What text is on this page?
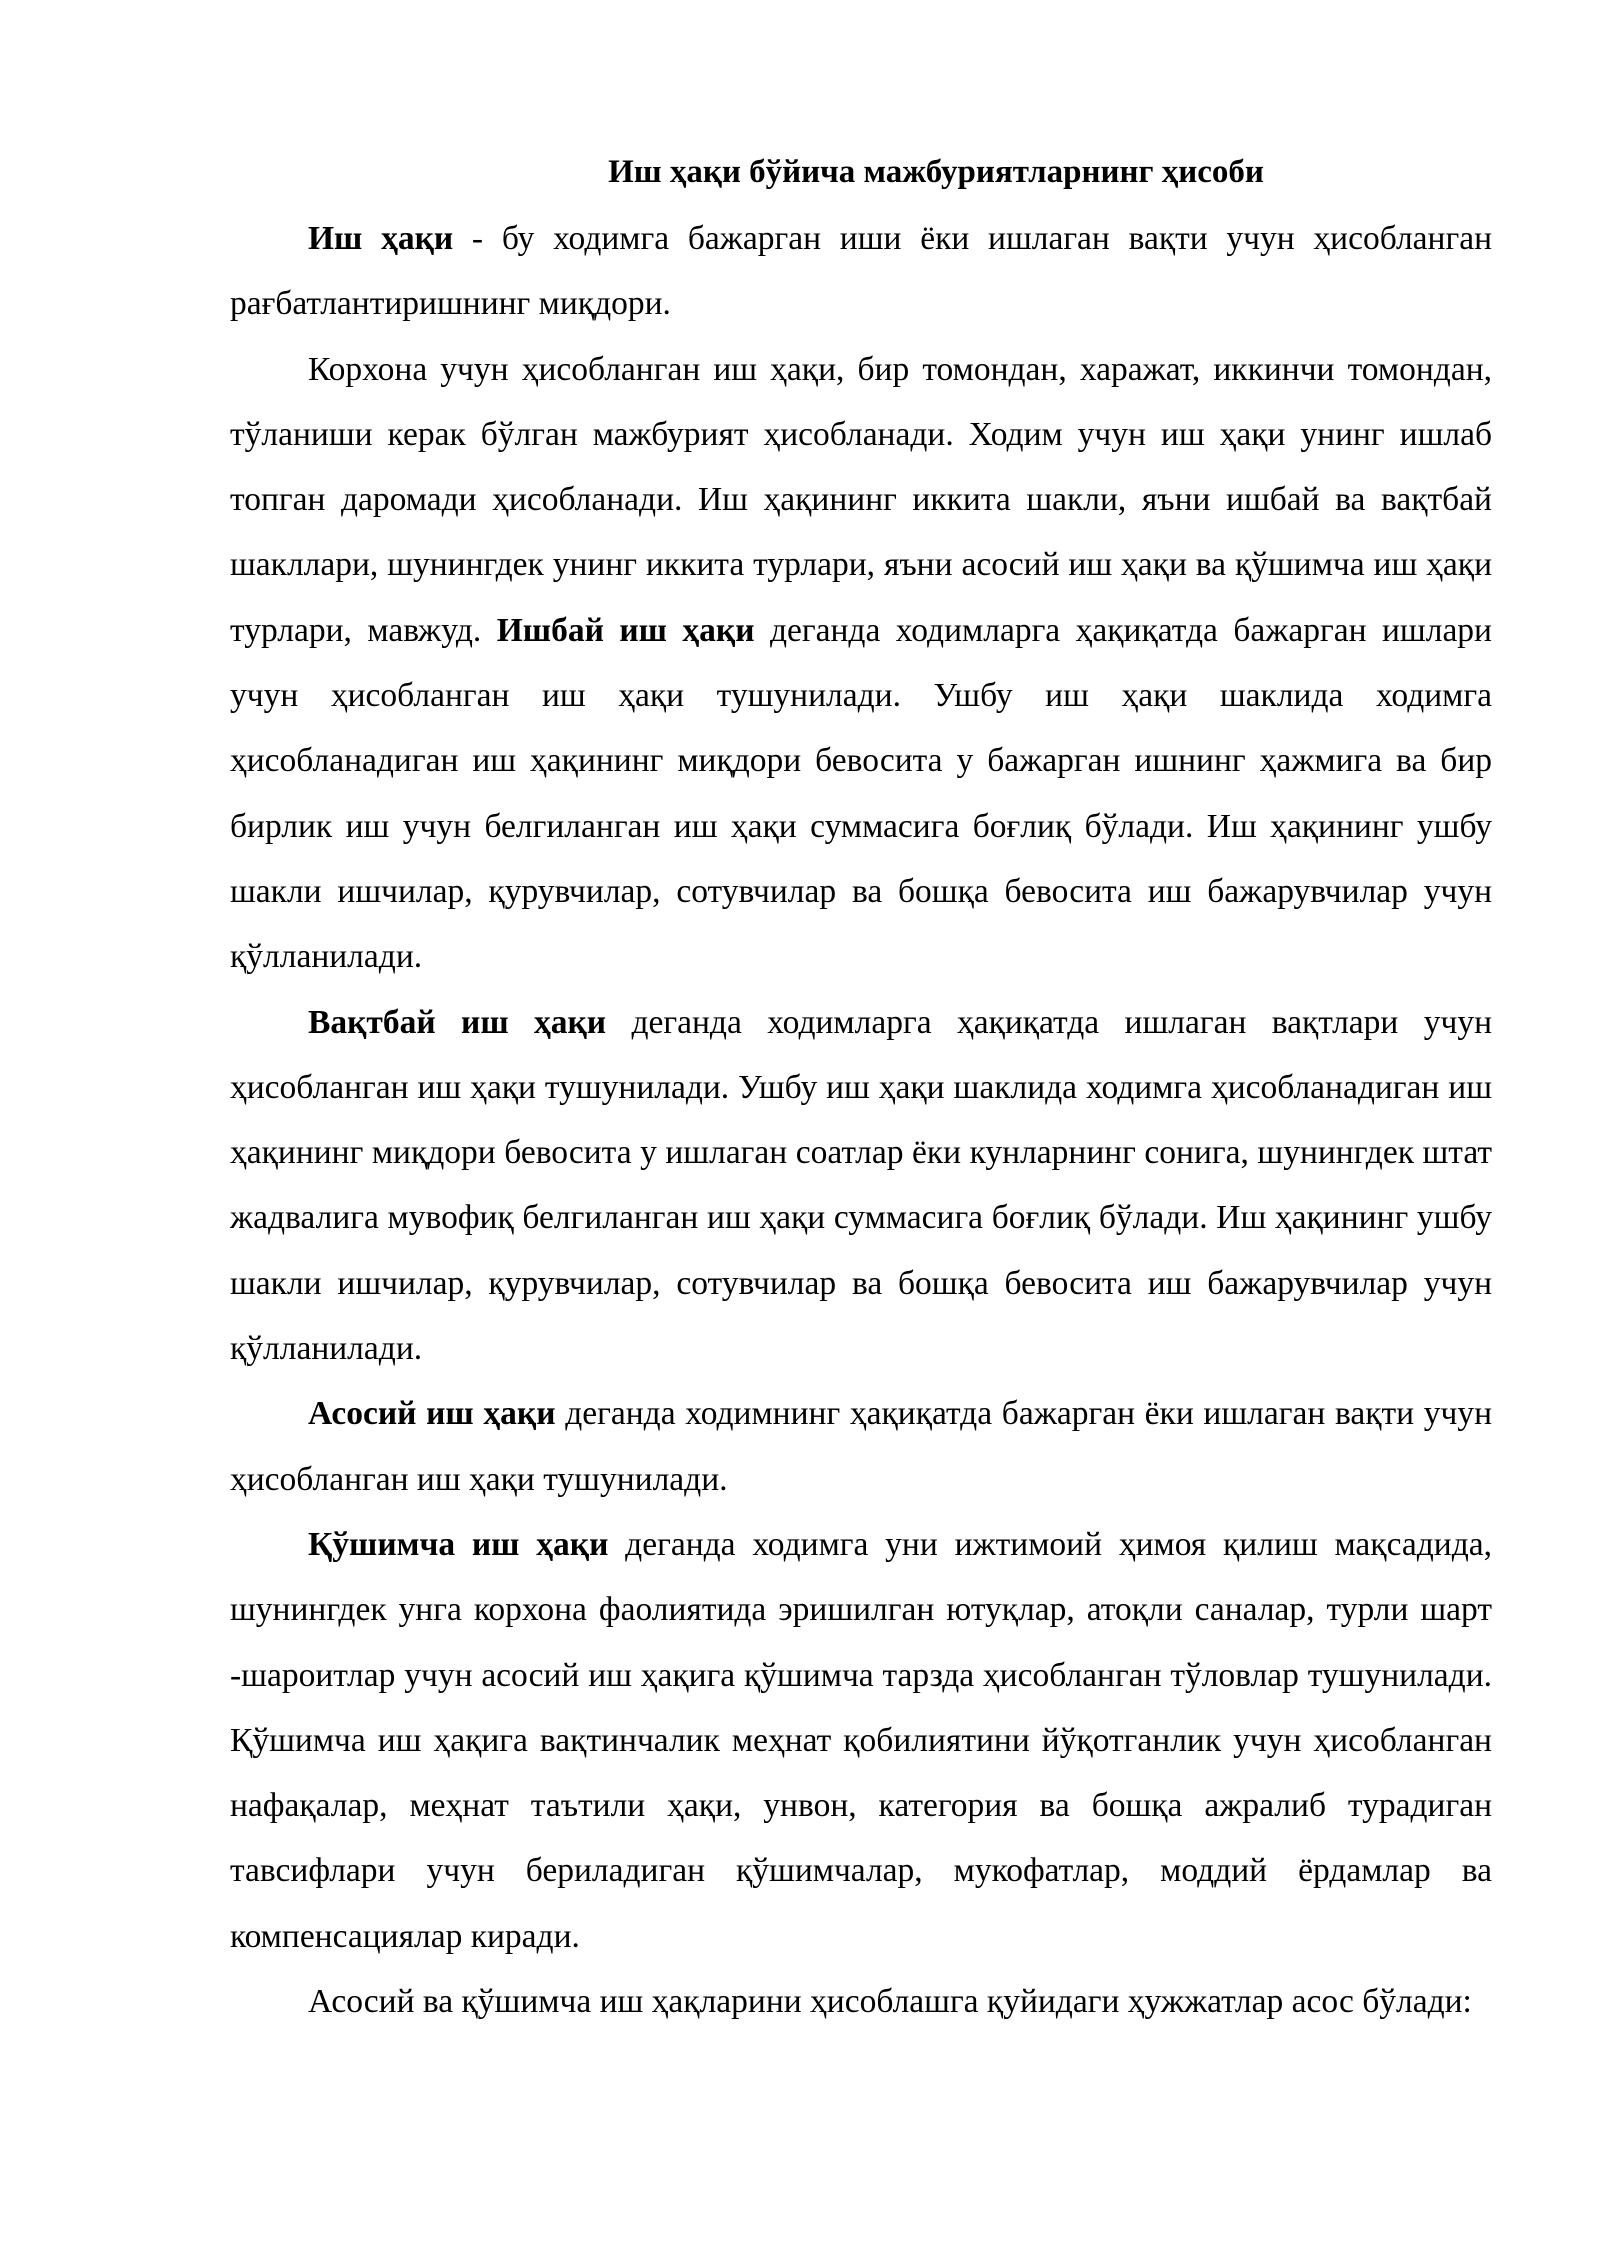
Иш ҳақи бўйича мажбуриятларнинг ҳисоби

Иш ҳақи - бу ходимга бажарган иши ёки ишлаган вақти учун ҳисобланган рағбатлантиришнинг миқдори.

Корхона учун ҳисобланган иш ҳақи, бир томондан, харажат, иккинчи томондан, тўланиши керак бўлган мажбурият ҳисобланади. Ходим учун иш ҳақи унинг ишлаб топган даромади ҳисобланади. Иш ҳақининг иккита шакли, яъни ишбай ва вақтбай шакллари, шунингдек унинг иккита турлари, яъни асосий иш ҳақи ва қўшимча иш ҳақи турлари, мавжуд. Ишбай иш ҳақи деганда ходимларга ҳақиқатда бажарган ишлари учун ҳисобланган иш ҳақи тушунилади. Ушбу иш ҳақи шаклида ходимга ҳисобланадиган иш ҳақининг миқдори бевосита у бажарган ишнинг ҳажмига ва бир бирлик иш учун белгиланган иш ҳақи суммасига боғлиқ бўлади. Иш ҳақининг ушбу шакли ишчилар, қурувчилар, сотувчилар ва бошқа бевосита иш бажарувчилар учун қўлланилади.

Вақтбай иш ҳақи деганда ходимларга ҳақиқатда ишлаган вақтлари учун ҳисобланган иш ҳақи тушунилади. Ушбу иш ҳақи шаклида ходимга ҳисобланадиган иш ҳақининг миқдори бевосита у ишлаган соатлар ёки кунларнинг сонига, шунингдек штат жадвалига мувофиқ белгиланган иш ҳақи суммасига боғлиқ бўлади. Иш ҳақининг ушбу шакли ишчилар, қурувчилар, сотувчилар ва бошқа бевосита иш бажарувчилар учун қўлланилади.

Асосий иш ҳақи деганда ходимнинг ҳақиқатда бажарган ёки ишлаган вақти учун ҳисобланган иш ҳақи тушунилади.

Қўшимча иш ҳақи деганда ходимга уни ижтимоий ҳимоя қилиш мақсадида, шунингдек унга корхона фаолиятида эришилган ютуқлар, атоқли саналар, турли шарт -шароитлар учун асосий иш ҳақига қўшимча тарзда ҳисобланган тўловлар тушунилади. Қўшимча иш ҳақига вақтинчалик меҳнат қобилиятини йўқотганлик учун ҳисобланган нафақалар, меҳнат таътили ҳақи, унвон, категория ва бошқа ажралиб турадиган тавсифлари учун бериладиган қўшимчалар, мукофатлар, моддий ёрдамлар ва компенсациялар киради.

Асосий ва қўшимча иш ҳақларини ҳисоблашга қуйидаги ҳужжатлар асос бўлади:
